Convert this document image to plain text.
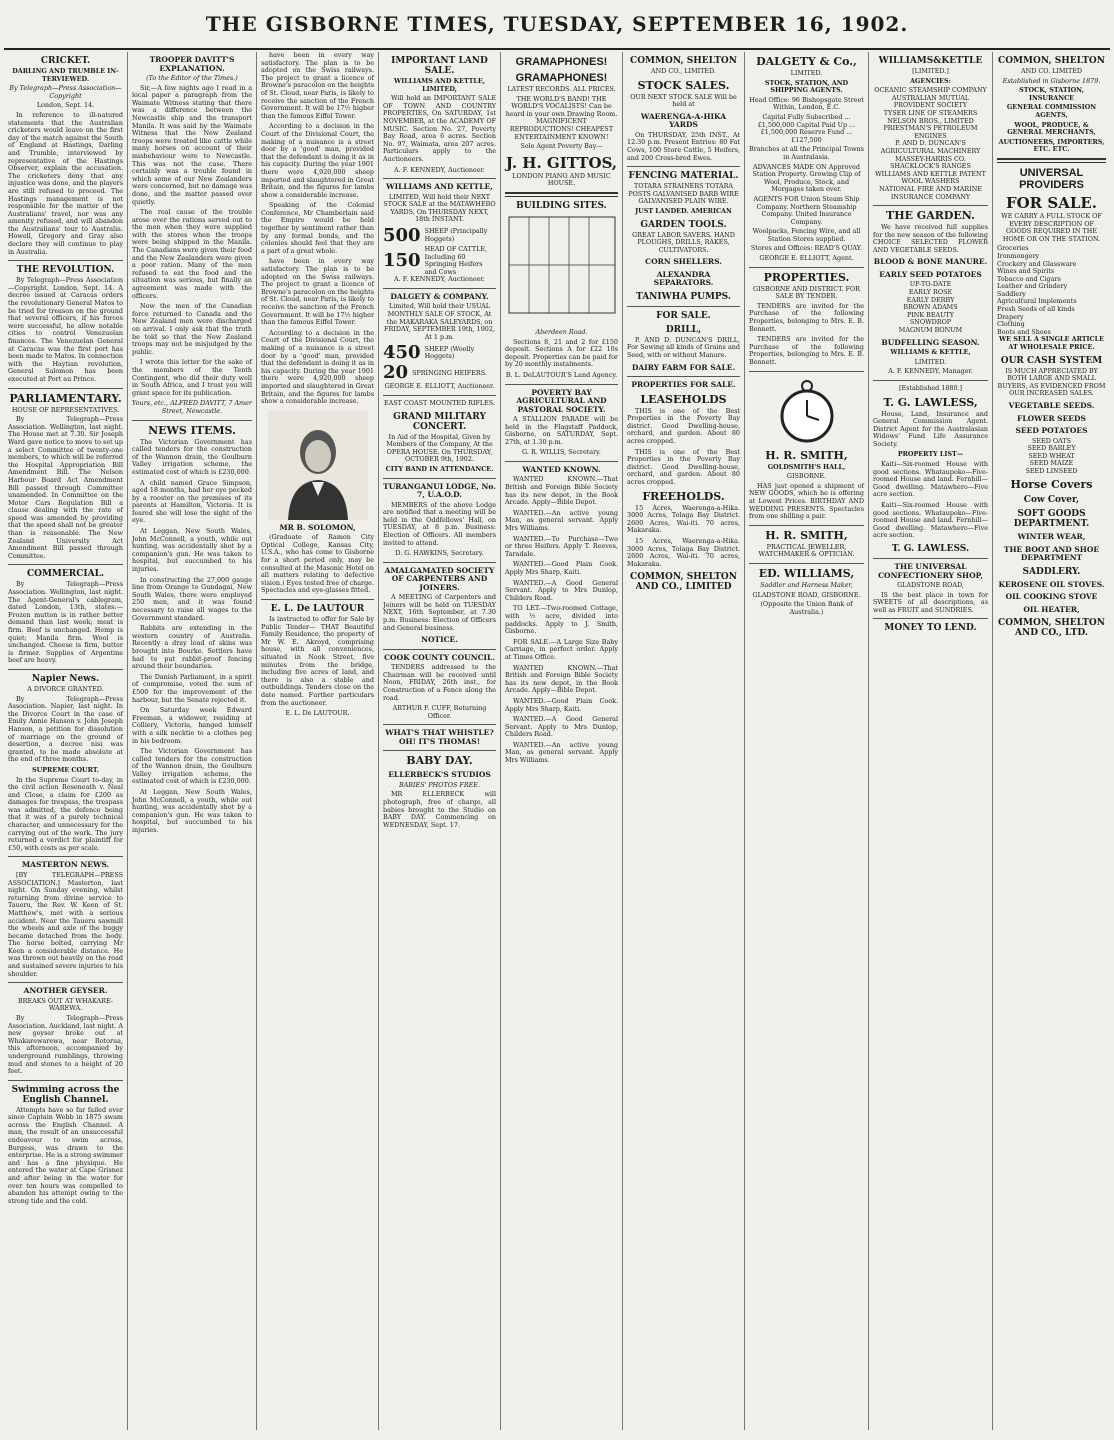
THE GISBORNE TIMES, TUESDAY, SEPTEMBER 16, 1902.
CRICKET.
DARLING AND TRUMBLE IN-TERVIEWED.
By Telegraph—Press Association—Copyright
London, Sept. 14.

In reference to ill-natured statements that the Australian cricketers would leave on the first day of the match against the South of England at Hastings, Darling and Trumble, interviewed by representative of the Hastings Observer, explain the accusation. The cricketers deny that any injustice was done, and the players are still refused to proceed. The Hastings management is not responsible for the matter of the Australians' travel, nor was any amenity refused, and will abandon the Australians' tour to Australia. Howell, Gregory and Gray also declare they will continue to play in Australia.

THE REVOLUTION.

By Telegraph—Press Association—Copyright. London, Sept. 14. A decree issued at Caracas orders the revolutionary General Matos to be tried for treason on the ground that several officers, if his forces were successful, he allow notable cities to control Venezuelan finances. The Venezuelan General at Caracas was the first port has been made to Matos. In connection with the Haytian revolution, General Salomon has been executed at Port au Prince.

PARLIAMENTARY.
HOUSE OF REPRESENTATIVES.

By Telegraph—Press Association. Wellington, last night. The House met at 7.30. Sir Joseph Ward gave notice to move to set up a select Committee of twenty-one members, to which will be referred the Hospital Appropriation Bill Amendment Bill. The Nelson Harbour Board Act Amendment Bill passed through Committee unamended. In Committee on the Motor Cars Regulation Bill a clause dealing with the rate of speed was amended by providing that the speed shall not be greater than is reasonable. The New Zealand University Act Amendment Bill passed through Committee.

COMMERCIAL.

By Telegraph—Press Association. Wellington, last night. The Agent-General's cablegram, dated London, 13th, states:—Frozen mutton is in rather better demand than last week; meat is firm. Beef is unchanged. Hemp is quiet; Manila firm. Wool is unchanged. Cheese is firm, butter is firmer. Supplies of Argentine beef are heavy.

Napier News.
A DIVORCE GRANTED.

By Telegraph—Press Association. Napier, last night. In the Divorce Court in the case of Emily Annie Hanson v. John Joseph Hanson, a petition for dissolution of marriage on the ground of desertion, a decree nisi was granted, to be made absolute at the end of three months.

SUPREME COURT.

In the Supreme Court to-day, in the civil action Roseneath v. Neal and Close, a claim for £200 as damages for trespass, the trespass was admitted, the defence being that it was of a purely technical character, and unnecessary for the carrying out of the work. The jury returned a verdict for plaintiff for £50, with costs as per scale.

MASTERTON NEWS.

[BY TELEGRAPH—PRESS ASSOCIATION.] Masterton, last night. On Sunday evening, whilst returning from divine service to Taueru, the Rev. W. Keen of St. Matthew's, met with a serious accident. Near the Taueru sawmill the wheels and axle of the buggy became detached from the body. The horse bolted, carrying Mr Keen a considerable distance. He was thrown out heavily on the road and sustained severe injuries to his shoulder.

ANOTHER GEYSER.
BREAKS OUT AT WHAKARE-WAREWA.

By Telegraph—Press Association. Auckland, last night. A new geyser broke out at Whakarewarewa, near Rotorua, this afternoon, accompanied by underground rumblings, throwing mud and stones to a height of 20 feet.

Swimming across the English Channel.

Attempts have so far failed ever since Captain Webb in 1875 swam across the English Channel. A man, the result of an unsuccessful endeavour to swim across, Burgess, was drawn to the enterprise. He is a strong swimmer and has a fine physique. He entered the water at Cape Grisnez and after being in the water for over ten hours was compelled to abandon his attempt owing to the strong tide and the cold.

TROOPER DAVITT'S EXPLANATION.
(To the Editor of the Times.)

Sir,—A few nights ago I read in a local paper a paragraph from the Waimate Witness stating that there was a difference between the Newcastle ship and the transport Manila. It was said by the Waimate Witness that the New Zealand troops were treated like cattle while many horses on account of their misbehaviour were to Newcastle. This was not the case. There certainly was a trouble found in which some of our New Zealanders were concerned, but no damage was done, and the matter passed over quietly.

The real cause of the trouble arose over the rations served out to the men when they were supplied with the stores when the troops were being shipped in the Manila. The Canadians were given their food and the New Zealanders were given a poor ration. Many of the men refused to eat the food and the situation was serious, but finally an agreement was made with the officers.

Now the men of the Canadian force returned to Canada and the New Zealand men were discharged on arrival. I only ask that the truth be told so that the New Zealand troops may not be misjudged by the public.

I wrote this letter for the sake of the members of the Tenth Contingent, who did their duty well in South Africa, and I trust you will grant space for its publication.

Yours, etc., ALFRED DAVITT, 7 Amer Street, Newcastle.
NEWS ITEMS.

The Victorian Government has called tenders for the construction of the Wannon drain, the Goulburn Valley irrigation scheme, the estimated cost of which is £230,000.

A child named Grace Simpson, aged 18 months, had her eye pecked by a rooster on the premises of its parents at Hamilton, Victoria. It is feared she will lose the sight of the eye.

At Leggan, New South Wales, John McConnell, a youth, while out hunting, was accidentally shot by a companion's gun. He was taken to hospital, but succumbed to his injuries.

In constructing the 27,000 gauge line from Orange to Gundagai, New South Wales, there were employed 250 men, and it was found necessary to raise all wages to the Government standard.

Rabbits are extending in the western country of Australia. Recently a dray load of skins was brought into Bourke. Settlers have had to put rabbit-proof fencing around their boundaries.

The Danish Parliament, in a spirit of compromise, voted the sum of £500 for the improvement of the harbour, but the Senate rejected it.

On Saturday week Edward Freeman, a widower, residing at Colliery, Victoria, hanged himself with a silk necktie to a clothes peg in his bedroom.

The Victorian Government has called tenders for the construction of the Wannon drain, the Goulburn Valley irrigation scheme, the estimated cost of which is £230,000.

At Leggan, New South Wales, John McConnell, a youth, while out hunting, was accidentally shot by a companion's gun. He was taken to hospital, but succumbed to his injuries.

have been in every way satisfactory. The plan is to be adopted on the Swiss railways. The project to grant a licence of Browne's paracolon on the heights of St. Cloud, near Paris, is likely to receive the sanction of the French Government. It will be 17½ higher than the famous Eiffel Tower.

According to a decision in the Court of the Divisional Court, the making of a nuisance is a street door by a 'good' man, provided that the defendant is doing it as in his capacity. During the year 1901 there were 4,920,000 sheep imported and slaughtered in Great Britain, and the figures for lambs show a considerable increase.

Speaking of the Colonial Conference, Mr Chamberlain said the Empire would be held together by sentiment rather than by any formal bonds, and the colonies should feel that they are a part of a great whole.

have been in every way satisfactory. The plan is to be adopted on the Swiss railways. The project to grant a licence of Browne's paracolon on the heights of St. Cloud, near Paris, is likely to receive the sanction of the French Government. It will be 17½ higher than the famous Eiffel Tower.

According to a decision in the Court of the Divisional Court, the making of a nuisance is a street door by a 'good' man, provided that the defendant is doing it as in his capacity. During the year 1901 there were 4,920,000 sheep imported and slaughtered in Great Britain, and the figures for lambs show a considerable increase.

MR B. SOLOMON,

(Graduate of Ramon City Optical College, Kansas City, U.S.A., who has come to Gisborne for a short period only, may be consulted at the Masonic Hotel on all matters relating to defective vision.) Eyes tested free of charge. Spectacles and eye-glasses fitted.

E. L. De LAUTOUR

Is instructed to offer for Sale by Public Tender— THAT Beautiful Family Residence, the property of Mr W. E. Akroyd, comprising house, with all conveniences, situated in Nook Street, five minutes from the bridge, including five acres of land, and there is also a stable and outbuildings. Tenders close on the date named. Further particulars from the auctioneer.

E. L. De LAUTOUR.
IMPORTANT LAND SALE.
WILLIAMS AND KETTLE, LIMITED,

Will hold an IMPORTANT SALE OF TOWN AND COUNTRY PROPERTIES, On SATURDAY, 1st NOVEMBER, at the ACADEMY OF MUSIC. Section No. 27, Poverty Bay Road, area 6 acres. Section No. 97, Waimata, area 207 acres. Particulars apply to the Auctioneers.

A. F. KENNEDY, Auctioneer.
WILLIAMS AND KETTLE,

LIMITED, Will hold their NEXT STOCK SALE at the MATAWHERO YARDS, On THURSDAY NEXT, 18th INSTANT.

500 SHEEP (Principally Hoggets)
150
HEAD OF CATTLE, Including 60 Springing Heifers and Cows
A. F. KENNEDY, Auctioneer.
DALGETY & COMPANY.

Limited, Will hold their USUAL MONTHLY SALE OF STOCK, At the MAKARAKA SALEYARDS, on FRIDAY, SEPTEMBER 19th, 1902, At 1 p.m.

450 SHEEP (Woolly Hoggets)
20 SPRINGING HEIFERS.
GEORGE E. ELLIOTT, Auctioneer.
EAST COAST MOUNTED RIFLES.
GRAND MILITARY CONCERT.

In Aid of the Hospital, Given by Members of the Company, At the OPERA HOUSE. On THURSDAY, OCTOBER 9th, 1902.

CITY BAND IN ATTENDANCE.
TURANGANUI LODGE, No. 7, U.A.O.D.

MEMBERS of the above Lodge are notified that a meeting will be held in the Oddfellows' Hall, on TUESDAY, at 8 p.m. Business: Election of Officers. All members invited to attend.

D. G. HAWKINS, Secretary.
AMALGAMATED SOCIETY OF CARPENTERS AND JOINERS.

A MEETING of Carpenters and Joiners will be held on TUESDAY NEXT, 16th September, at 7.30 p.m. Business: Election of Officers and General business.

NOTICE.
COOK COUNTY COUNCIL.

TENDERS addressed to the Chairman will be received until Noon, FRIDAY, 26th inst., for Construction of a Fence along the road.

ARTHUR F. CUFF, Returning Officer.
WHAT'S THAT WHISTLE? OH! IT'S THOMAS!
BABY DAY.
ELLERBECK'S STUDIOS
BABIES' PHOTOS FREE.

MR ELLERBECK will photograph, free of charge, all babies brought to the Studio on BABY DAY. Commencing on WEDNESDAY, Sept. 17.

GRAMAPHONES!
GRAMAPHONES!
LATEST RECORDS. ALL PRICES.

THE WORLD'S BAND! THE WORLD'S VOCALISTS! Can be heard in your own Drawing Room. MAGNIFICENT REPRODUCTIONS! CHEAPEST ENTERTAINMENT KNOWN!

Sole Agent Poverty Bay—
J. H. GITTOS,
LONDON PIANO AND MUSIC HOUSE.
BUILDING SITES.
Aberdeen Road.

Sections 8, 21 and 2 for £150 deposit. Sections A for £22 10s deposit. Properties can be paid for by 20 monthly instalments.

B. L. DeLAUTOUR'S Land Agency.
POVERTY BAY AGRICULTURAL AND PASTORAL SOCIETY.

A STALLION PARADE will be held in the Flagstaff Paddock, Gisborne, on SATURDAY, Sept. 27th, at 1.30 p.m.

G. R. WILLIS, Secretary.
WANTED KNOWN.

WANTED KNOWN.—That British and Foreign Bible Society has its new depot, in the Book Arcade. Apply—Bible Depot.

WANTED.—An active young Man, as general servant. Apply Mrs Williams.

WANTED.—To Purchase—Two or three Heifers. Apply T. Reeves, Taradale.

WANTED.—Good Plain Cook. Apply Mrs Sharp, Kaiti.

WANTED.—A Good General Servant. Apply to Mrs Dunlop, Childers Road.

TO LET.—Two-roomed Cottage, with ½ acre, divided into paddocks. Apply to J. Smith, Gisborne.

FOR SALE.—A Large Size Baby Carriage, in perfect order. Apply at Times Office.

WANTED KNOWN.—That British and Foreign Bible Society has its new depot, in the Book Arcade. Apply—Bible Depot.

WANTED.—Good Plain Cook. Apply Mrs Sharp, Kaiti.

WANTED.—A Good General Servant. Apply to Mrs Dunlop, Childers Road.

WANTED.—An active young Man, as general servant. Apply Mrs Williams.

COMMON, SHELTON
AND CO., LIMITED.
STOCK SALES.

OUR NEXT STOCK SALE Will be held at

WAERENGA-A-HIKA YARDS

On THURSDAY, 25th INST., At 12.30 p.m. Present Entries: 80 Fat Cows, 100 Store Cattle, 5 Heifers, and 200 Cross-bred Ewes.

FENCING MATERIAL.

TOTARA STRAINERS TOTARA POSTS GALVANISED BARB WIRE GALVANISED PLAIN WIRE.

JUST LANDED. AMERICAN
GARDEN TOOLS.

GREAT LABOR SAVERS. HAND PLOUGHS, DRILLS, RAKES, CULTIVATORS.

CORN SHELLERS.
ALEXANDRA SEPARATORS.
TANIWHA PUMPS.
FOR SALE.
DRILL,

P. AND D. DUNCAN'S DRILL, For Sowing all kinds of Grains and Seed, with or without Manure.

DAIRY FARM FOR SALE.
PROPERTIES FOR SALE.
LEASEHOLDS

THIS is one of the Best Properties in the Poverty Bay district. Good Dwelling-house, orchard, and garden. About 80 acres cropped.

THIS is one of the Best Properties in the Poverty Bay district. Good Dwelling-house, orchard, and garden. About 80 acres cropped.

FREEHOLDS.

15 Acres, Waerenga-a-Hika. 3000 Acres, Tolaga Bay District. 2600 Acres, Wai-iti. 70 acres, Makaraka.

15 Acres, Waerenga-a-Hika. 3000 Acres, Tolaga Bay District. 2600 Acres, Wai-iti. 70 acres, Makaraka.

COMMON, SHELTON AND CO., LIMITED
DALGETY & Co.,
LIMITED.
STOCK, STATION, AND SHIPPING AGENTS.

Head Office: 96 Bishopsgate Street Within, London, E.C.

Capital Fully Subscribed ... £1,500,000 Capital Paid Up ... £1,500,000 Reserve Fund ... £127,500

Branches at all the Principal Towns in Australasia.

ADVANCES MADE ON Approved Station Property. Growing Clip of Wool, Produce, Stock, and Morgages taken over.

AGENTS FOR Union Steam Ship Company. Northern Steamship Company. United Insurance Company.

Woolpacks, Fencing Wire, and all Station Stores supplied.

Stores and Offices: READ'S QUAY.

GEORGE E. ELLIOTT, Agent.
PROPERTIES.
GISBORNE AND DISTRICT. FOR SALE BY TENDER.

TENDERS are invited for the Purchase of the following Properties, belonging to Mrs. E. B. Bennett.

TENDERS are invited for the Purchase of the following Properties, belonging to Mrs. E. B. Bennett.

H. R. SMITH,
GOLDSMITH'S HALL,
GISBORNE.

HAS just opened a shipment of NEW GOODS, which he is offering at Lowest Prices. BIRTHDAY AND WEDDING PRESENTS. Spectacles from one shilling a pair.

H. R. SMITH,
PRACTICAL JEWELLER, WATCHMAKER & OPTICIAN.
ED. WILLIAMS,
Saddler and Harness Maker,
GLADSTONE ROAD, GISBORNE.
(Opposite the Union Bank of Australia.)
WILLIAMS&KETTLE
[LIMITED.]
AGENCIES:
OCEANIC STEAMSHIP COMPANY
AUSTRALIAN MUTUAL PROVIDENT SOCIETY
TYSER LINE OF STEAMERS
NELSON BROS., LIMITED
PRIESTMAN'S PETROLEUM ENGINES
P. AND D. DUNCAN'S AGRICULTURAL MACHINERY
MASSEY-HARRIS CO.
SHACKLOCK'S RANGES
WILLIAMS AND KETTLE PATENT WOOL WASHERS
NATIONAL FIRE AND MARINE INSURANCE COMPANY
THE GARDEN.

We have received full supplies for the new season of the following CHOICE SELECTED FLOWER AND VEGETABLE SEEDS.

BLOOD & BONE MANURE.
EARLY SEED POTATOES
UP-TO-DATE
EARLY ROSE
EARLY DERBY
BROWN ADAMS
PINK BEAUTY
SNOWDROP
MAGNUM BONUM
BUDFELLING SEASON.
WILLIAMS & KETTLE,
LIMITED.
A. F. KENNEDY, Manager.
[Established 1880.]
T. G. LAWLESS,

House, Land, Insurance and General Commission Agent. District Agent for the Australasian Widows' Fund Life Assurance Society.

PROPERTY LIST—

Kaiti—Six-roomed House with good sections. Whataupoko—Five-roomed House and land. Fernhill—Good dwelling. Matawhero—Five acre section.

Kaiti—Six-roomed House with good sections. Whataupoko—Five-roomed House and land. Fernhill—Good dwelling. Matawhero—Five acre section.

T. G. LAWLESS.
THE UNIVERSAL CONFECTIONERY SHOP,
GLADSTONE ROAD,

IS the best place in town for SWEETS of all descriptions, as well as FRUIT and SUNDRIES.

MONEY TO LEND.
COMMON, SHELTON
AND CO. LIMITED
Established in Gisborne 1879.
STOCK, STATION, INSURANCE
GENERAL COMMISSION AGENTS,
WOOL, PRODUCE, & GENERAL MERCHANTS,
AUCTIONEERS, IMPORTERS, ETC. ETC.
UNIVERSAL PROVIDERS
FOR SALE.

WE CARRY A FULL STOCK OF EVERY DESCRIPTION OF GOODS REQUIRED IN THE HOME OR ON THE STATION.

Groceries
Ironmongery
Crockery and Glassware
Wines and Spirits
Tobacco and Cigars
Leather and Grindery
Saddlery
Agricultural Implements
Fresh Seeds of all kinds
Drapery
Clothing
Boots and Shoes
WE SELL A SINGLE ARTICLE AT WHOLESALE PRICE.
OUR CASH SYSTEM

IS MUCH APPRECIATED BY BOTH LARGE AND SMALL BUYERS, AS EVIDENCED FROM OUR INCREASED SALES.

VEGETABLE SEEDS.
FLOWER SEEDS
SEED POTATOES
SEED OATS
SEED BARLEY
SEED WHEAT
SEED MAIZE
SEED LINSEED
Horse Covers
Cow Cover,
SOFT GOODS DEPARTMENT.
WINTER WEAR,
THE BOOT AND SHOE DEPARTMENT
SADDLERY.
KEROSENE OIL STOVES.
OIL COOKING STOVE
OIL HEATER,
COMMON, SHELTON AND CO., LTD.
